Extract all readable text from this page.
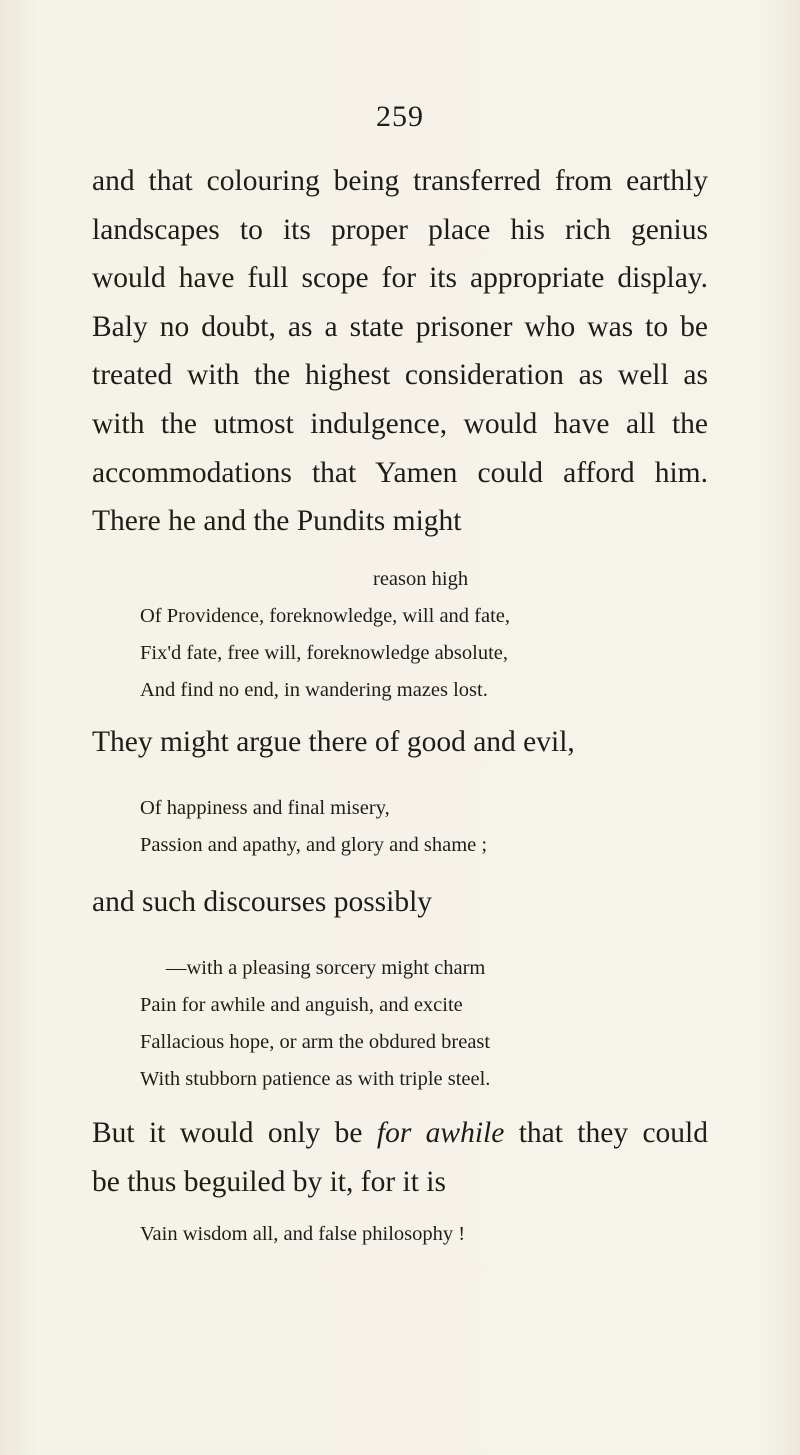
259
and that colouring being transferred from earthly
landscapes to its proper place his rich genius
would have full scope for its appropriate display.
Baly no doubt, as a state prisoner who was to be
treated with the highest consideration as well as
with the utmost indulgence, would have all the
accommodations that Yamen could afford him.
There he and the Pundits might
reason high
Of Providence, foreknowledge, will and fate,
Fix'd fate, free will, foreknowledge absolute,
And find no end, in wandering mazes lost.
They might argue there of good and evil,
Of happiness and final misery,
Passion and apathy, and glory and shame ;
and such discourses possibly
—with a pleasing sorcery might charm
Pain for awhile and anguish, and excite
Fallacious hope, or arm the obdured breast
With stubborn patience as with triple steel.
But it would only be for awhile that they could
be thus beguiled by it, for it is
Vain wisdom all, and false philosophy !
